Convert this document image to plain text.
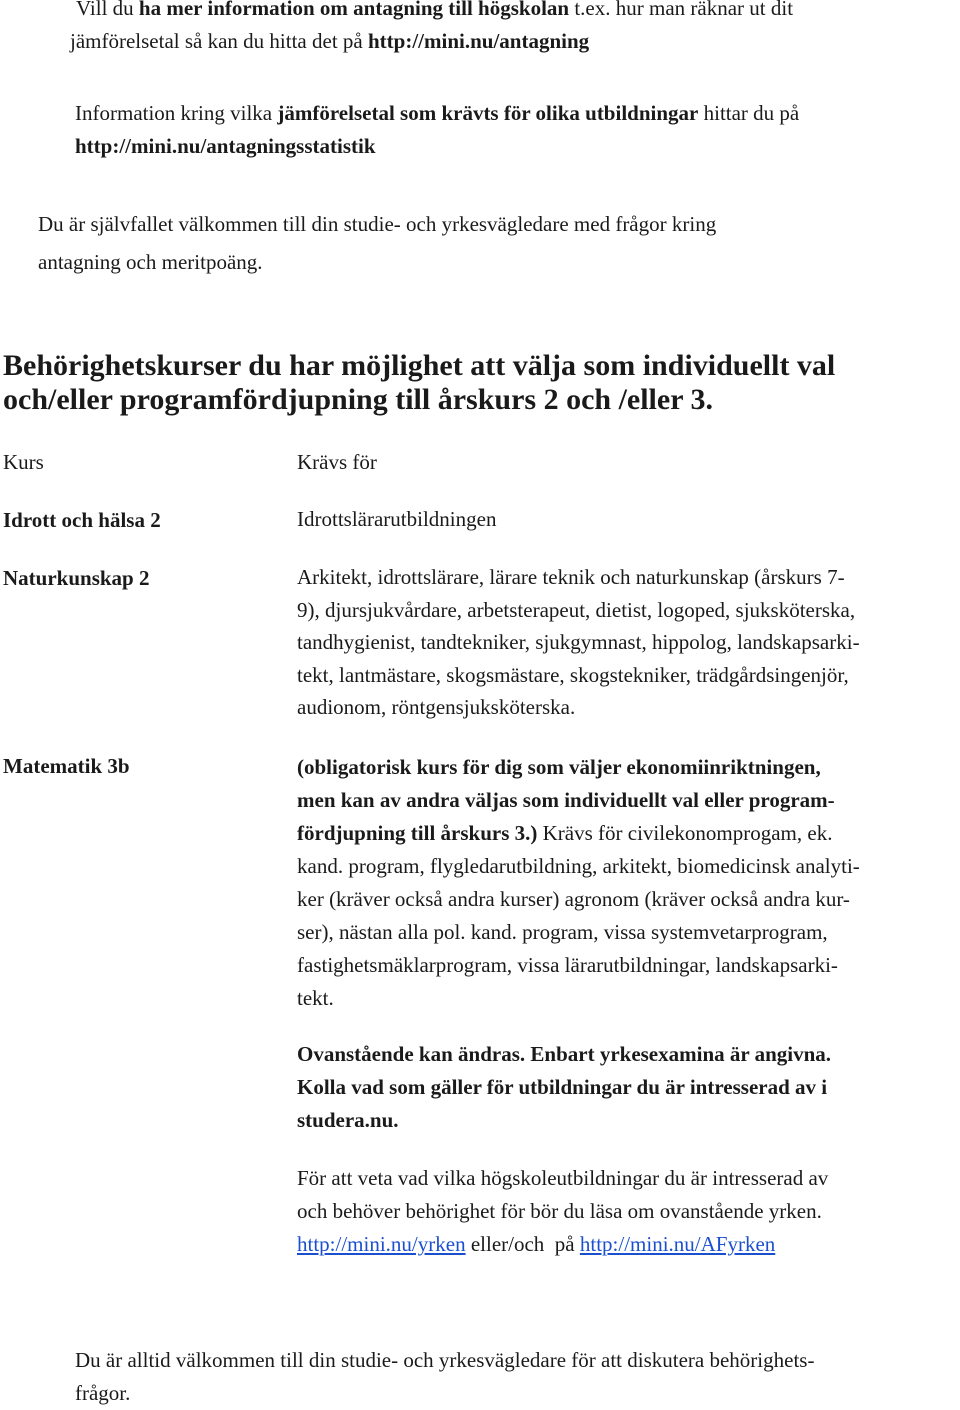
Vill du ha mer information om antagning till högskolan t.ex. hur man räknar ut dit
jämförelsetal så kan du hitta det på http://mini.nu/antagning
Information kring vilka jämförelsetal som krävts för olika utbildningar hittar du på
http://mini.nu/antagningsstatistik
Du är självfallet välkommen till din studie- och yrkesvägledare med frågor kring
antagning och meritpoäng.
Behörighetskurser du har möjlighet att välja som individuellt val
och/eller programfördjupning till årskurs 2 och /eller 3.
Kurs	Krävs för
Idrott och hälsa 2	Idrottslärarutbildningen
Naturkunskap 2	Arkitekt, idrottslärare, lärare teknik och naturkunskap (årskurs 7-
9), djursjukvårdare, arbetsterapeut, dietist, logoped, sjuksköterska,
tandhygienist, tandtekniker, sjukgymnast, hippolog, landskapsarki-
tekt, lantmästare, skogsmästare, skogstekniker, trädgårdsingenjör,
audionom, röntgensjuksköterska.
Matematik 3b	(obligatorisk kurs för dig som väljer ekonomiinriktningen,
men kan av andra väljas som individuellt val eller program-
fördjupning till årskurs 3.) Krävs för civilekonomprogam, ek.
kand. program, flygledarutbildning, arkitekt, biomedicinsk analyti-
ker (kräver också andra kurser) agronom (kräver också andra kur-
ser), nästan alla pol. kand. program, vissa systemvetarprogram,
fastighetsmäklarprogram, vissa lärarutbildningar, landskapsarki-
tekt.
Ovanstående kan ändras. Enbart yrkesexamina är angivna.
Kolla vad som gäller för utbildningar du är intresserad av i
studera.nu.
För att veta vad vilka högskoleutbildningar du är intresserad av
och behöver behörighet för bör du läsa om ovanstående yrken.
http://mini.nu/yrken eller/och  på http://mini.nu/AFyrken
Du är alltid välkommen till din studie- och yrkesvägledare för att diskutera behörighets-
frågor.
